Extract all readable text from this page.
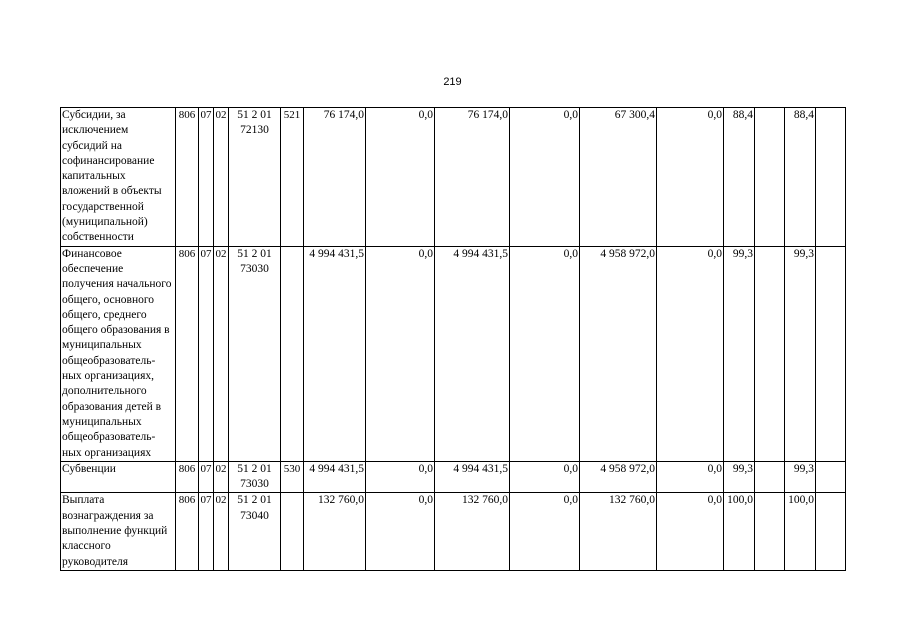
219
Субсидии, за исключением субсидий на софинансирование капитальных вложений в объекты государственной (муниципальной) собственности	806	07	02	51 2 01 72130	521	76 174,0	0,0	76 174,0	0,0	67 300,4	0,0	88,4		88,4	
Финансовое обеспечение получения начального общего, основного общего, среднего общего образования в муниципальных общеобразователь-ных организациях, дополнительного образования детей в муниципальных общеобразователь-ных организациях	806	07	02	51 2 01 73030		4 994 431,5	0,0	4 994 431,5	0,0	4 958 972,0	0,0	99,3		99,3	
Субвенции	806	07	02	51 2 01 73030	530	4 994 431,5	0,0	4 994 431,5	0,0	4 958 972,0	0,0	99,3		99,3	
Выплата вознаграждения за выполнение функций классного руководителя	806	07	02	51 2 01 73040		132 760,0	0,0	132 760,0	0,0	132 760,0	0,0	100,0		100,0	
